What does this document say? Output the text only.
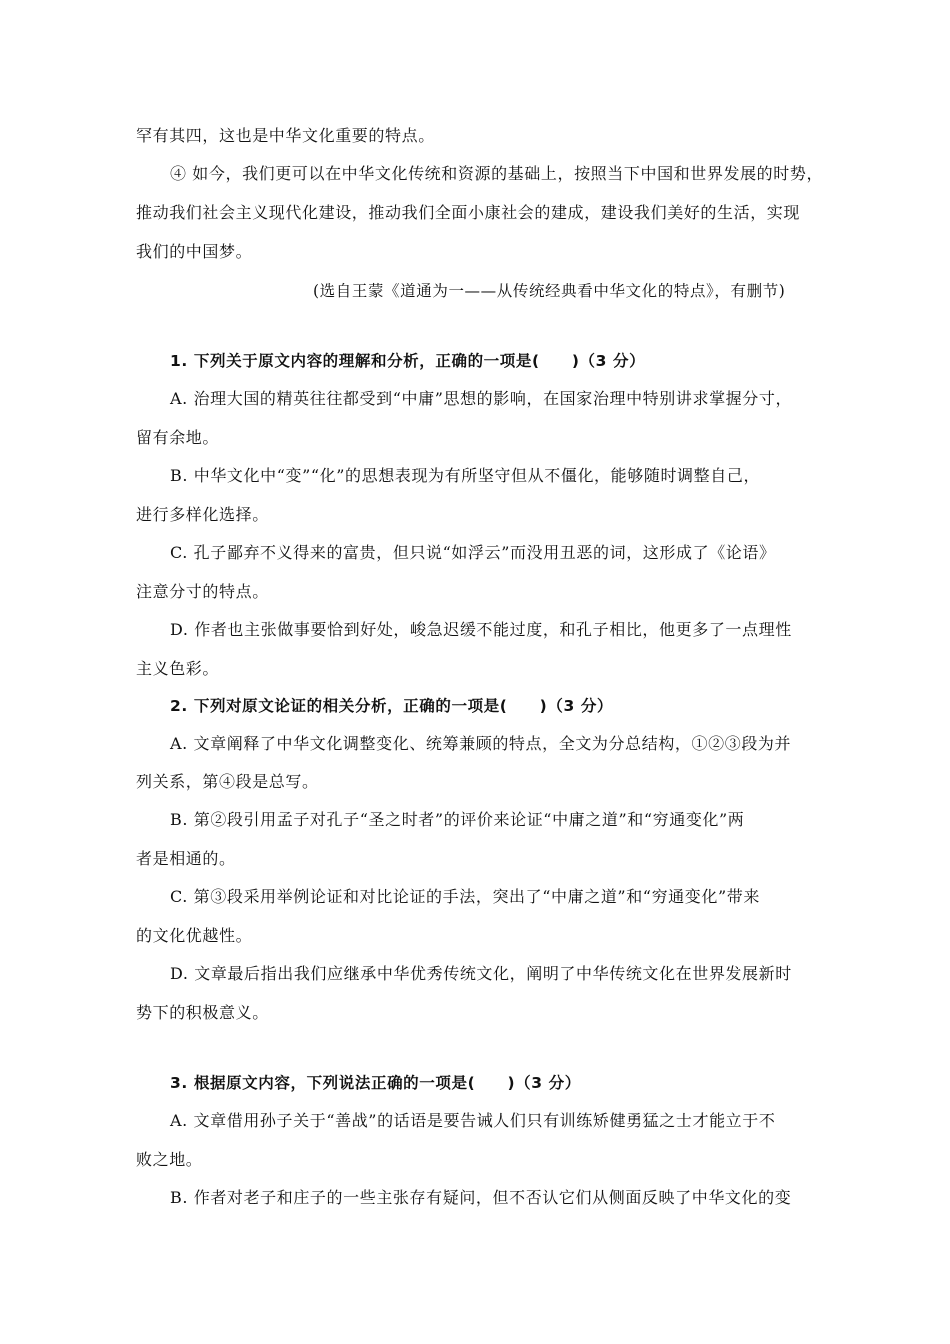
罕有其四，这也是中华文化重要的特点。
④ 如今，我们更可以在中华文化传统和资源的基础上，按照当下中国和世界发展的时势，
推动我们社会主义现代化建设，推动我们全面小康社会的建成，建设我们美好的生活，实现
我们的中国梦。
(选自王蒙《道通为一——从传统经典看中华文化的特点》，有删节)
1. 下列关于原文内容的理解和分析，正确的一项是(　　)（3 分）
A. 治理大国的精英往往都受到“中庸”思想的影响，在国家治理中特别讲求掌握分寸，
留有余地。
B. 中华文化中“变”“化”的思想表现为有所坚守但从不僵化，能够随时调整自己，
进行多样化选择。
C. 孔子鄙弃不义得来的富贵，但只说“如浮云”而没用丑恶的词，这形成了《论语》
注意分寸的特点。
D. 作者也主张做事要恰到好处，峻急迟缓不能过度，和孔子相比，他更多了一点理性
主义色彩。
2. 下列对原文论证的相关分析，正确的一项是(　　)（3 分）
A. 文章阐释了中华文化调整变化、统筹兼顾的特点，全文为分总结构，①②③段为并
列关系，第④段是总写。
B. 第②段引用孟子对孔子“圣之时者”的评价来论证“中庸之道”和“穷通变化”两
者是相通的。
C. 第③段采用举例论证和对比论证的手法，突出了“中庸之道”和“穷通变化”带来
的文化优越性。
D. 文章最后指出我们应继承中华优秀传统文化，阐明了中华传统文化在世界发展新时
势下的积极意义。
3. 根据原文内容，下列说法正确的一项是(　　)（3 分）
A. 文章借用孙子关于“善战”的话语是要告诫人们只有训练矫健勇猛之士才能立于不
败之地。
B. 作者对老子和庄子的一些主张存有疑问，但不否认它们从侧面反映了中华文化的变
